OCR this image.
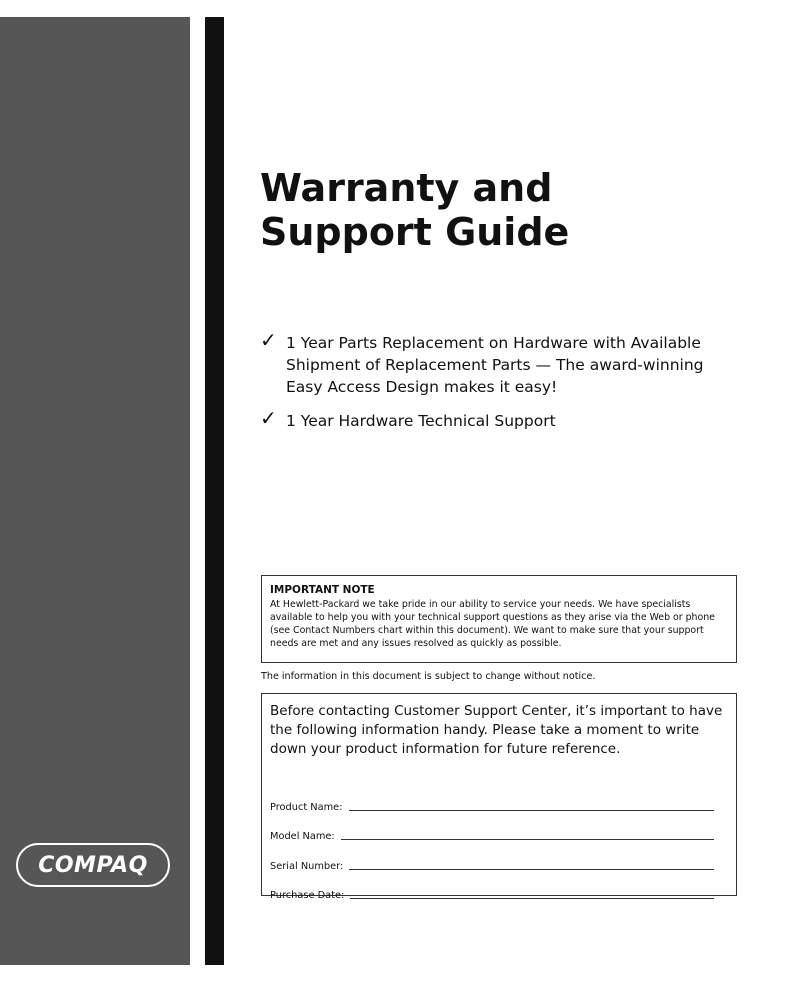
COMPAQ
Warranty and
Support Guide
✓ 1 Year Parts Replacement on Hardware with Available Shipment of Replacement Parts — The award-winning Easy Access Design makes it easy!
✓ 1 Year Hardware Technical Support
IMPORTANT NOTE
At Hewlett-Packard we take pride in our ability to service your needs. We have specialists available to help you with your technical support questions as they arise via the Web or phone (see Contact Numbers chart within this document). We want to make sure that your support needs are met and any issues resolved as quickly as possible.
The information in this document is subject to change without notice.
Before contacting Customer Support Center, it’s important to have the following information handy. Please take a moment to write down your product information for future reference.
Product Name:
Model Name:
Serial Number:
Purchase Date:
